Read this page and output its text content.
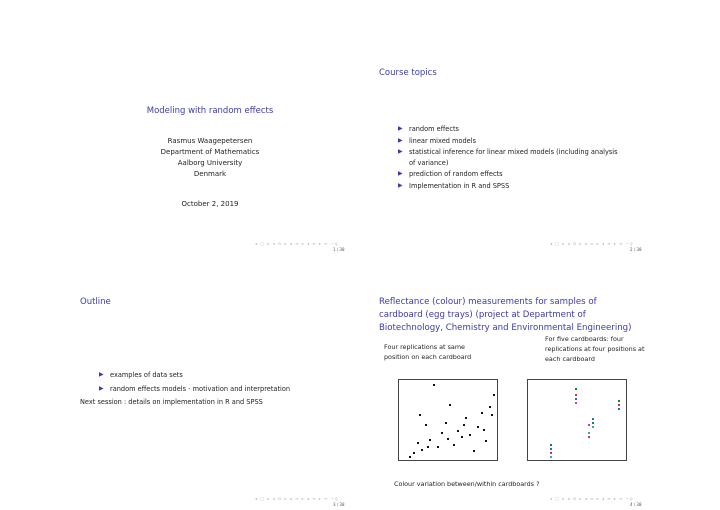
Modeling with random effects
Rasmus Waagepetersen
Department of Mathematics
Aalborg University
Denmark
October 2, 2019
◂ □ ▸ ◂ ⊡ ▸ ◂ ≡ ▸ ◂ ≡ ▸ ≡ ∽ǫ
1 / 38
Course topics
▶ random effects
▶ linear mixed models
▶ statistical inference for linear mixed models (including analysis
of variance)
▶ prediction of random effects
▶ Implementation in R and SPSS
◂ □ ▸ ◂ ⊡ ▸ ◂ ≡ ▸ ◂ ≡ ▸ ≡ ∽ǫ
2 / 38
Outline
▶ examples of data sets
▶ random effects models - motivation and interpretation
Next session : details on implementation in R and SPSS
◂ □ ▸ ◂ ⊡ ▸ ◂ ≡ ▸ ◂ ≡ ▸ ≡ ∽ǫ
3 / 38
Reflectance (colour) measurements for samples of
cardboard (egg trays) (project at Department of
Biotechnology, Chemistry and Environmental Engineering)
Four replications at same
position on each cardboard
For five cardboards: four
replications at four positions at
each cardboard
Colour variation between/within cardboards ?
◂ □ ▸ ◂ ⊡ ▸ ◂ ≡ ▸ ◂ ≡ ▸ ≡ ∽ǫ
4 / 38
